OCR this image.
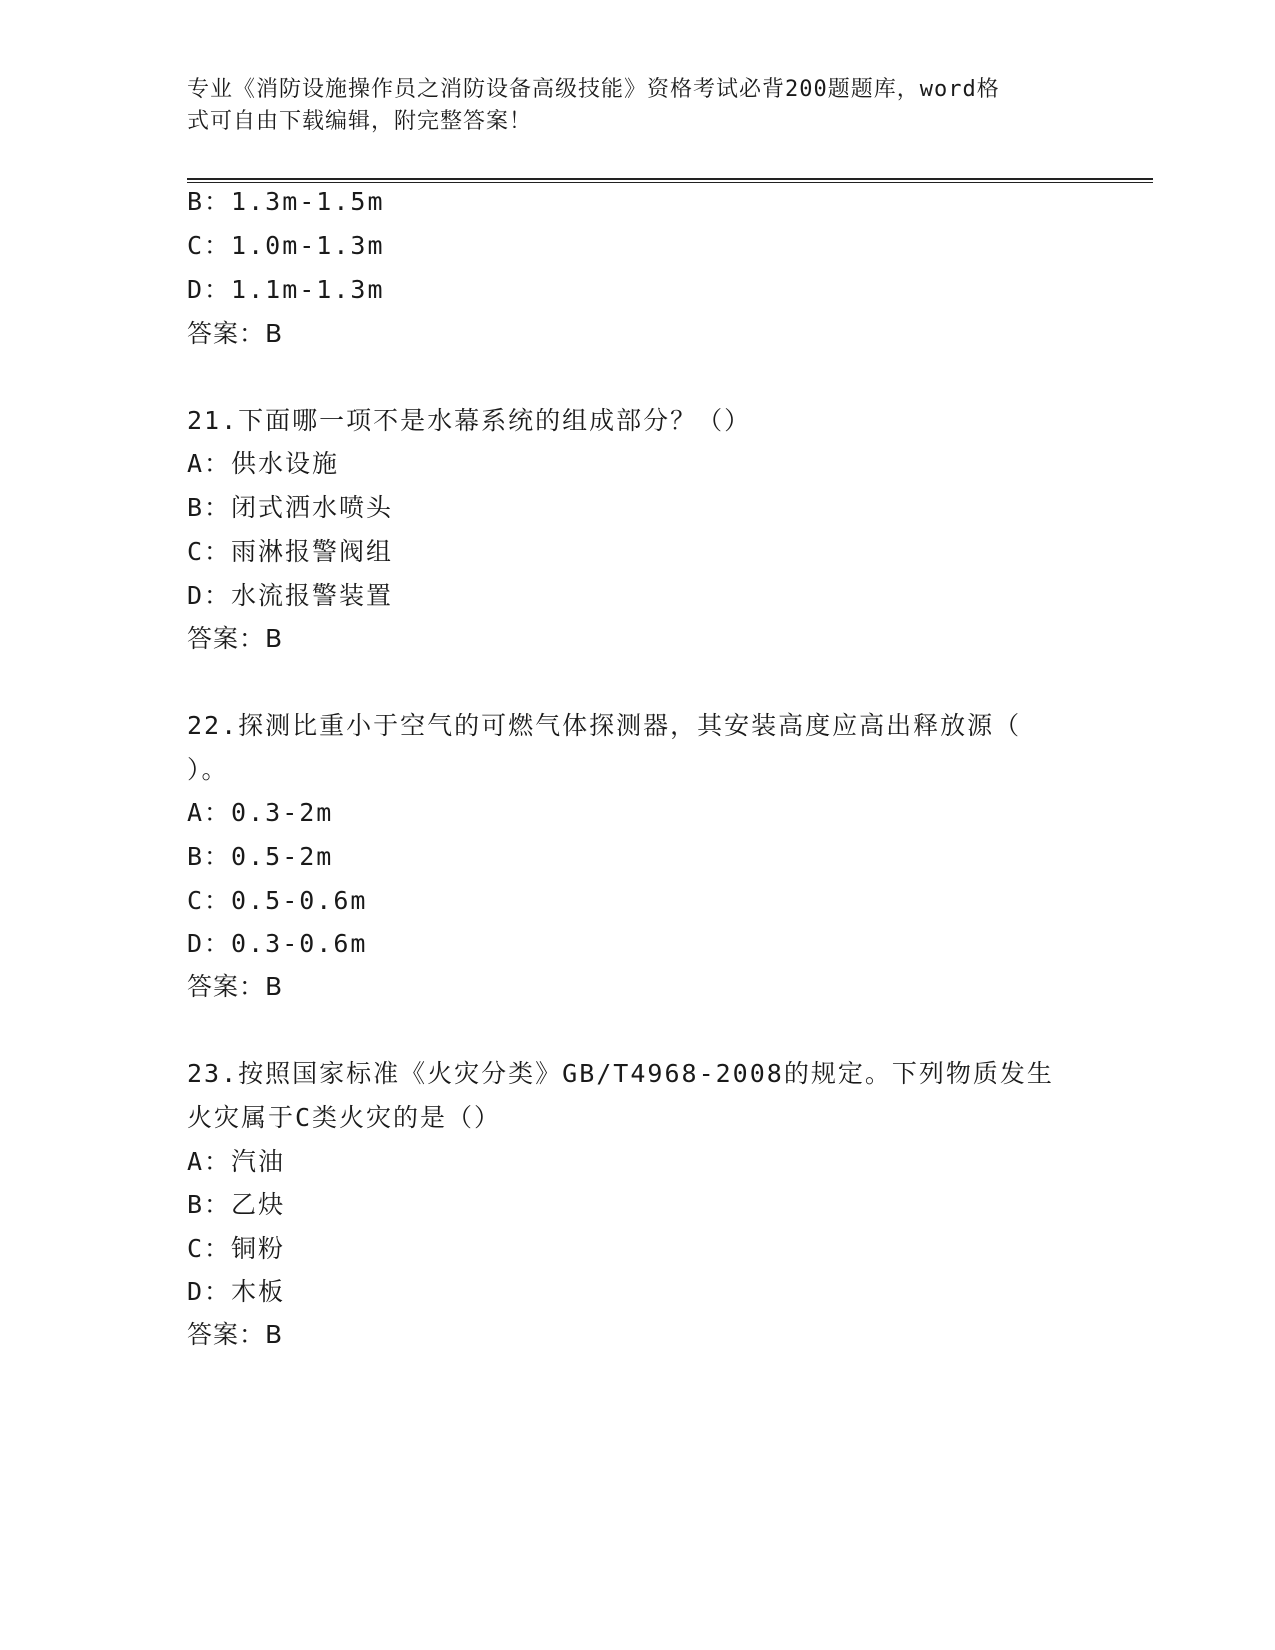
专业《消防设施操作员之消防设备高级技能》资格考试必背200题题库，word格
式可自由下载编辑，附完整答案！
B：1.3m-1.5m
C：1.0m-1.3m
D：1.1m-1.3m
答案：B
21.下面哪一项不是水幕系统的组成部分？（）
A：供水设施
B：闭式洒水喷头
C：雨淋报警阀组
D：水流报警装置
答案：B
22.探测比重小于空气的可燃气体探测器，其安装高度应高出释放源（
）。
A：0.3-2m
B：0.5-2m
C：0.5-0.6m
D：0.3-0.6m
答案：B
23.按照国家标准《火灾分类》GB/T4968-2008的规定。下列物质发生
火灾属于C类火灾的是（）
A：汽油
B：乙炔
C：铜粉
D：木板
答案：B
